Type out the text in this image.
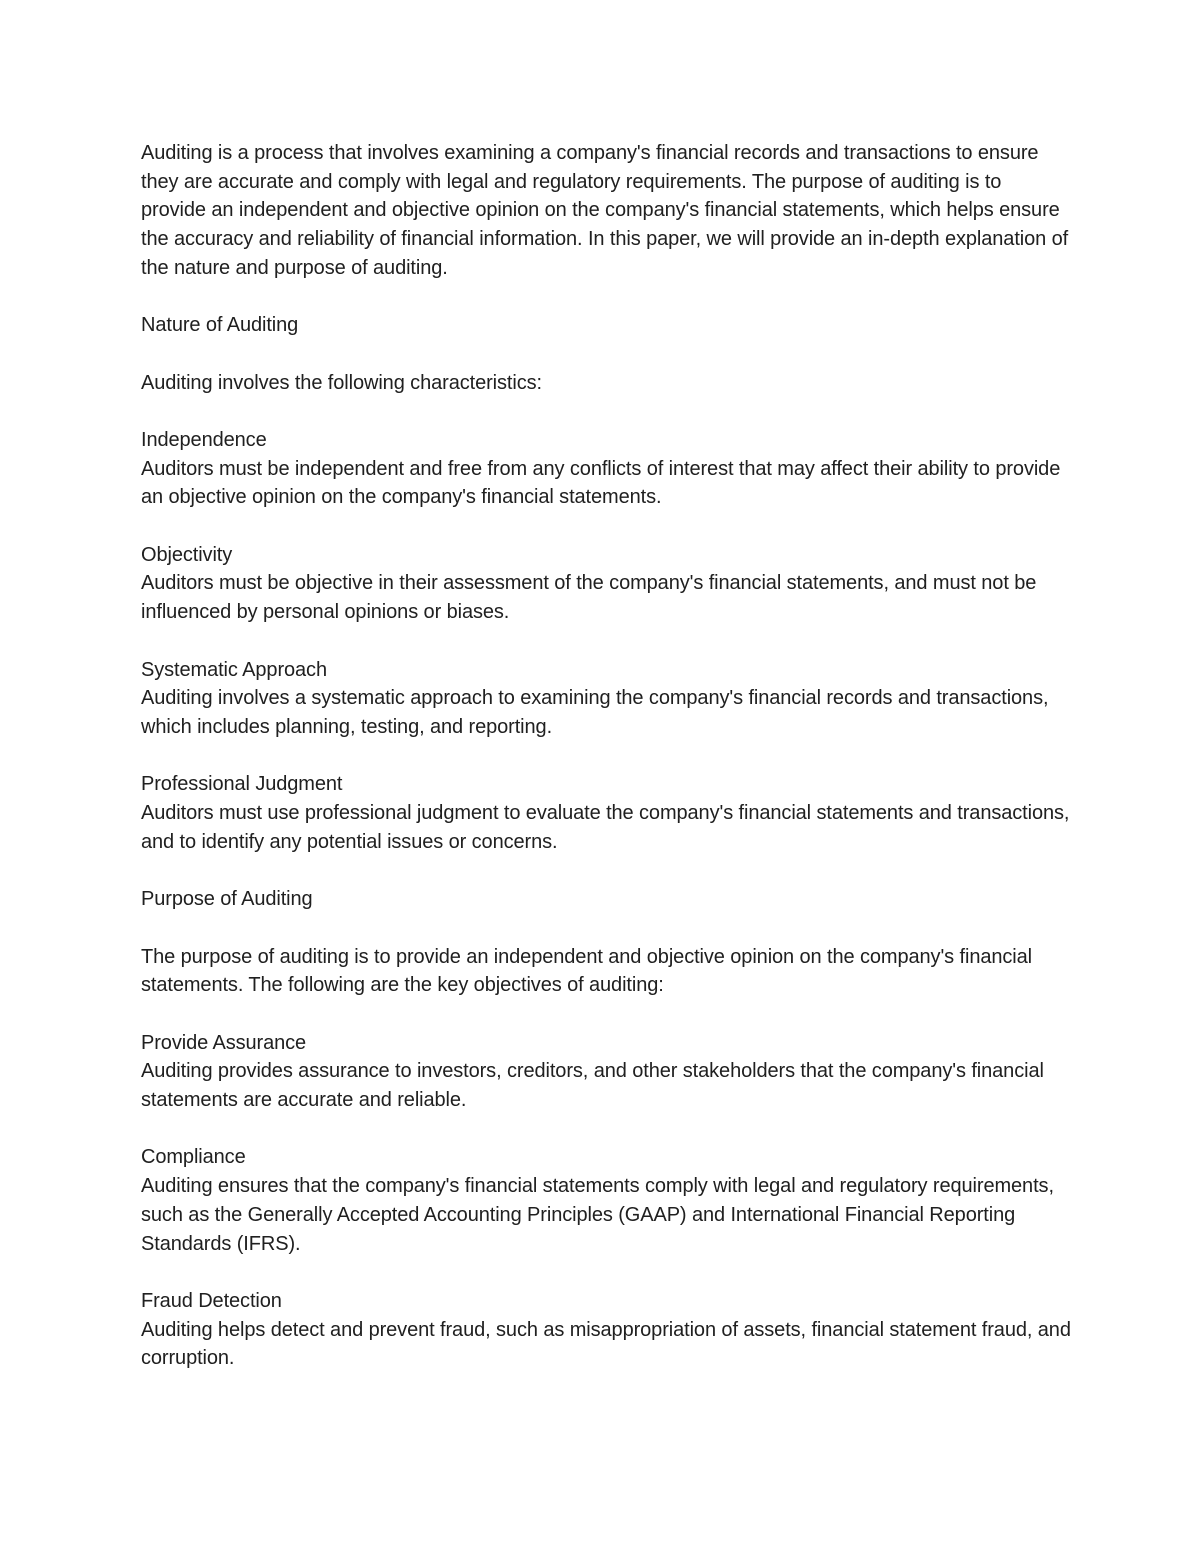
Auditing is a process that involves examining a company's financial records and transactions to ensure they are accurate and comply with legal and regulatory requirements. The purpose of auditing is to provide an independent and objective opinion on the company's financial statements, which helps ensure the accuracy and reliability of financial information. In this paper, we will provide an in-depth explanation of the nature and purpose of auditing.

Nature of Auditing

Auditing involves the following characteristics:

Independence

Auditors must be independent and free from any conflicts of interest that may affect their ability to provide an objective opinion on the company's financial statements.

Objectivity

Auditors must be objective in their assessment of the company's financial statements, and must not be influenced by personal opinions or biases.

Systematic Approach

Auditing involves a systematic approach to examining the company's financial records and transactions, which includes planning, testing, and reporting.

Professional Judgment

Auditors must use professional judgment to evaluate the company's financial statements and transactions, and to identify any potential issues or concerns.

Purpose of Auditing

The purpose of auditing is to provide an independent and objective opinion on the company's financial statements. The following are the key objectives of auditing:

Provide Assurance

Auditing provides assurance to investors, creditors, and other stakeholders that the company's financial statements are accurate and reliable.

Compliance

Auditing ensures that the company's financial statements comply with legal and regulatory requirements, such as the Generally Accepted Accounting Principles (GAAP) and International Financial Reporting Standards (IFRS).

Fraud Detection

Auditing helps detect and prevent fraud, such as misappropriation of assets, financial statement fraud, and corruption.
